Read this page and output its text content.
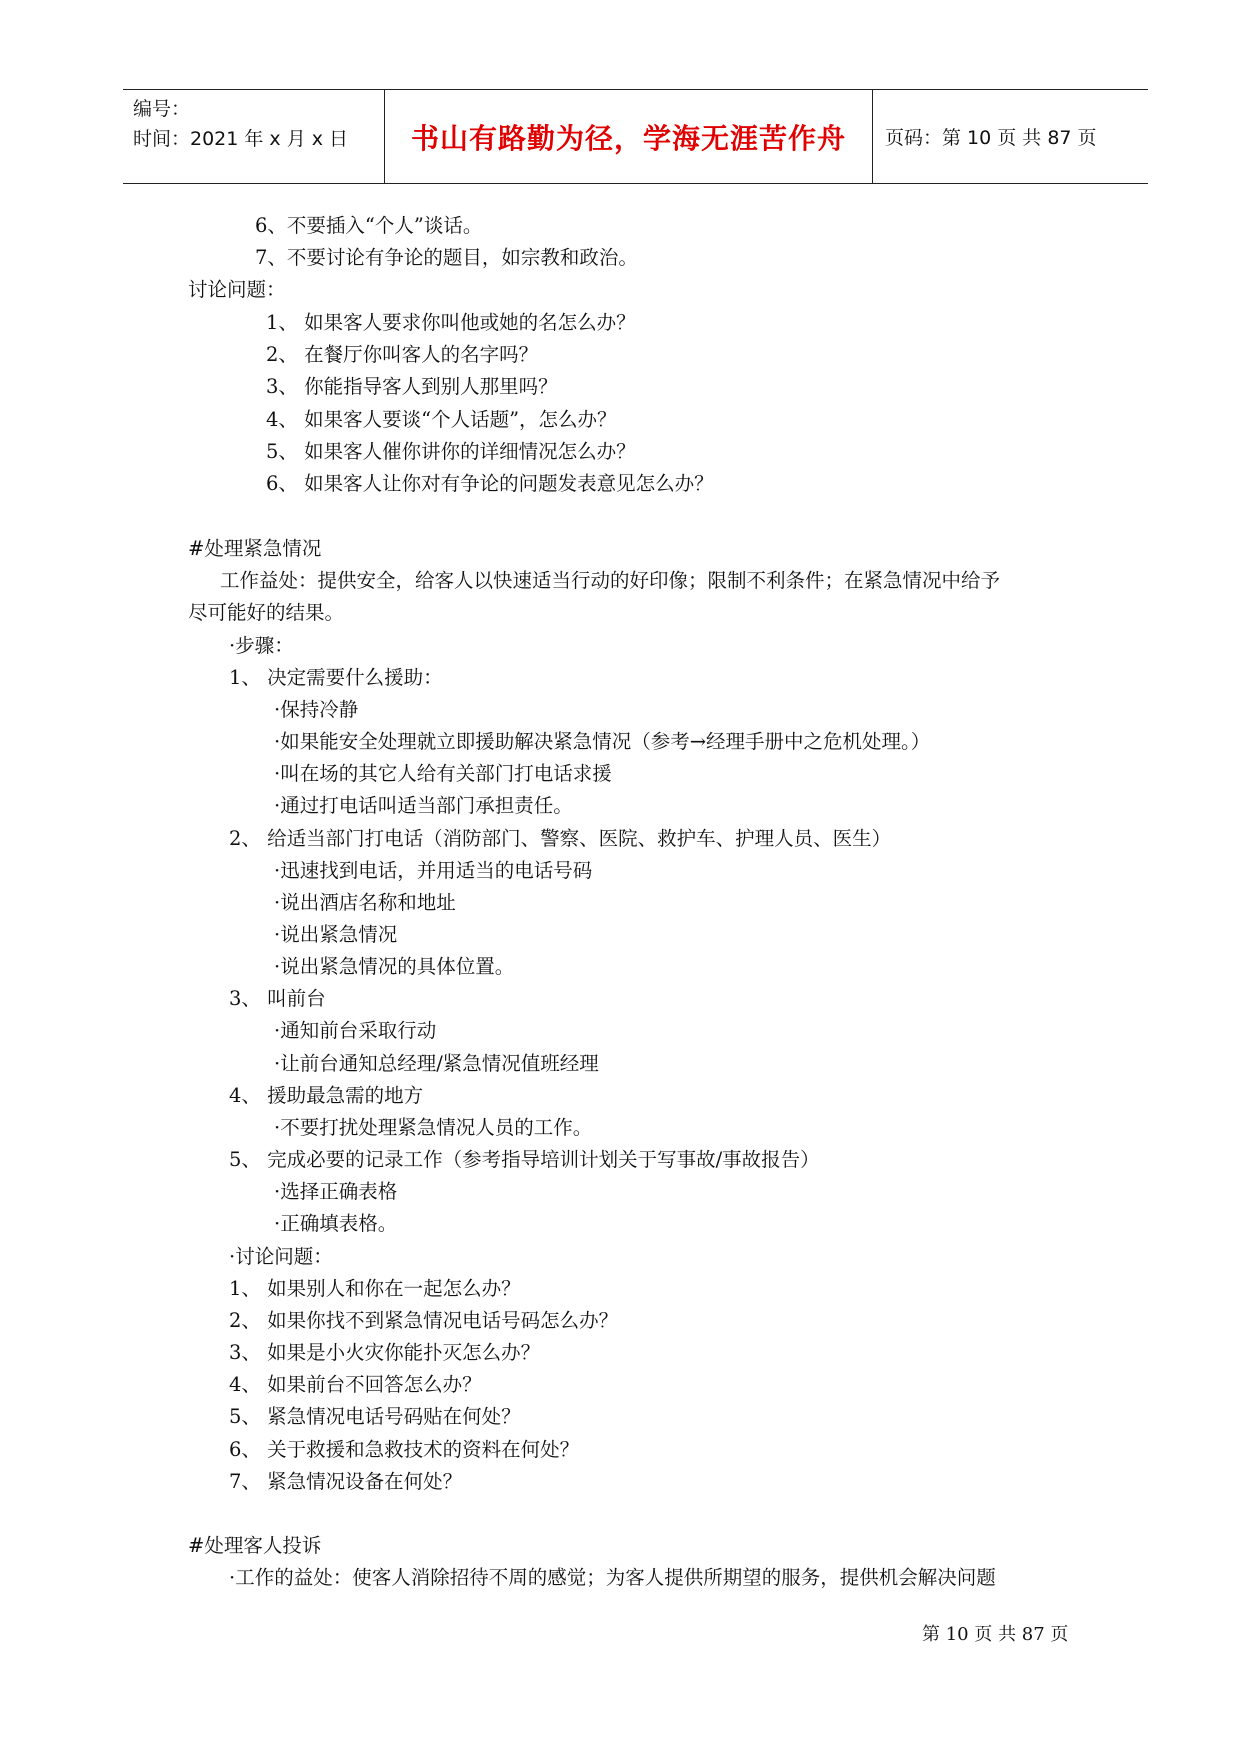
编号：
时间：2021 年 x 月 x 日	书山有路勤为径，学海无涯苦作舟	页码：第 10 页 共 87 页
6、不要插入“个人”谈话。
7、不要讨论有争论的题目，如宗教和政治。
讨论问题：
1、 如果客人要求你叫他或她的名怎么办？
2、 在餐厅你叫客人的名字吗？
3、 你能指导客人到别人那里吗？
4、 如果客人要谈“个人话题”，怎么办？
5、 如果客人催你讲你的详细情况怎么办？
6、 如果客人让你对有争论的问题发表意见怎么办？
#处理紧急情况
工作益处：提供安全，给客人以快速适当行动的好印像；限制不利条件；在紧急情况中给予
尽可能好的结果。
·步骤：
1、 决定需要什么援助：
·保持冷静
·如果能安全处理就立即援助解决紧急情况（参考→经理手册中之危机处理。）
·叫在场的其它人给有关部门打电话求援
·通过打电话叫适当部门承担责任。
2、 给适当部门打电话（消防部门、警察、医院、救护车、护理人员、医生）
·迅速找到电话，并用适当的电话号码
·说出酒店名称和地址
·说出紧急情况
·说出紧急情况的具体位置。
3、 叫前台
·通知前台采取行动
·让前台通知总经理/紧急情况值班经理
4、 援助最急需的地方
·不要打扰处理紧急情况人员的工作。
5、 完成必要的记录工作（参考指导培训计划关于写事故/事故报告）
·选择正确表格
·正确填表格。
·讨论问题：
1、 如果别人和你在一起怎么办？
2、 如果你找不到紧急情况电话号码怎么办？
3、 如果是小火灾你能扑灭怎么办？
4、 如果前台不回答怎么办？
5、 紧急情况电话号码贴在何处？
6、 关于救援和急救技术的资料在何处？
7、 紧急情况设备在何处？
#处理客人投诉
·工作的益处：使客人消除招待不周的感觉；为客人提供所期望的服务，提供机会解决问题
第 10 页 共 87 页
